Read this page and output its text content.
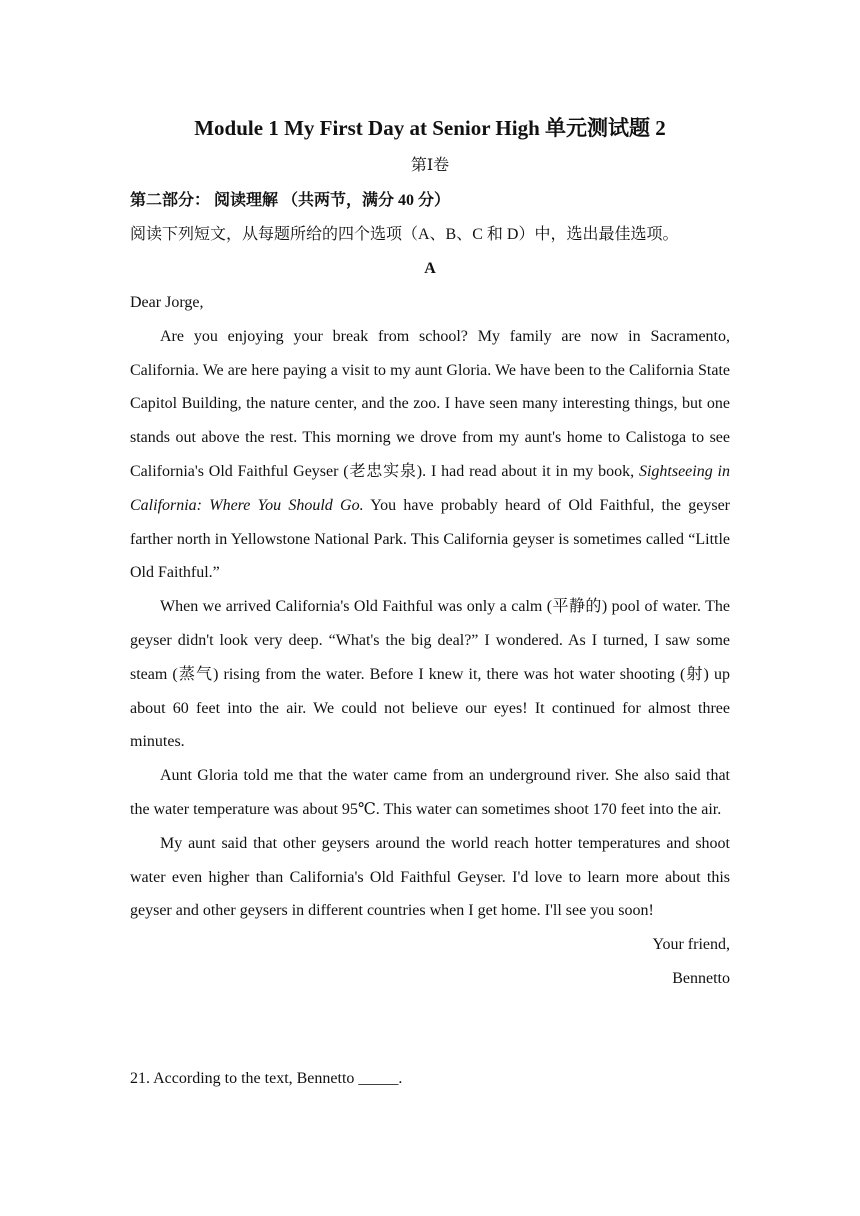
Module 1 My First Day at Senior High 单元测试题 2

第Ⅰ卷

第二部分： 阅读理解 （共两节，满分 40 分）

阅读下列短文，从每题所给的四个选项（A、B、C 和 D）中，选出最佳选项。

A

Dear Jorge,

Are you enjoying your break from school? My family are now in Sacramento, California. We are here paying a visit to my aunt Gloria. We have been to the California State Capitol Building, the nature center, and the zoo. I have seen many interesting things, but one stands out above the rest. This morning we drove from my aunt's home to Calistoga to see California's Old Faithful Geyser (老忠实泉). I had read about it in my book, Sightseeing in California: Where You Should Go. You have probably heard of Old Faithful, the geyser farther north in Yellowstone National Park. This California geyser is sometimes called “Little Old Faithful.”

When we arrived California's Old Faithful was only a calm (平静的) pool of water. The geyser didn't look very deep. “What's the big deal?” I wondered. As I turned, I saw some steam (蒸气) rising from the water. Before I knew it, there was hot water shooting (射) up about 60 feet into the air. We could not believe our eyes! It continued for almost three minutes.

Aunt Gloria told me that the water came from an underground river. She also said that the water temperature was about 95℃. This water can sometimes shoot 170 feet into the air.

My aunt said that other geysers around the world reach hotter temperatures and shoot water even higher than California's Old Faithful Geyser. I'd love to learn more about this geyser and other geysers in different countries when I get home. I'll see you soon!

Your friend,

Bennetto

21. According to the text, Bennetto _____.
